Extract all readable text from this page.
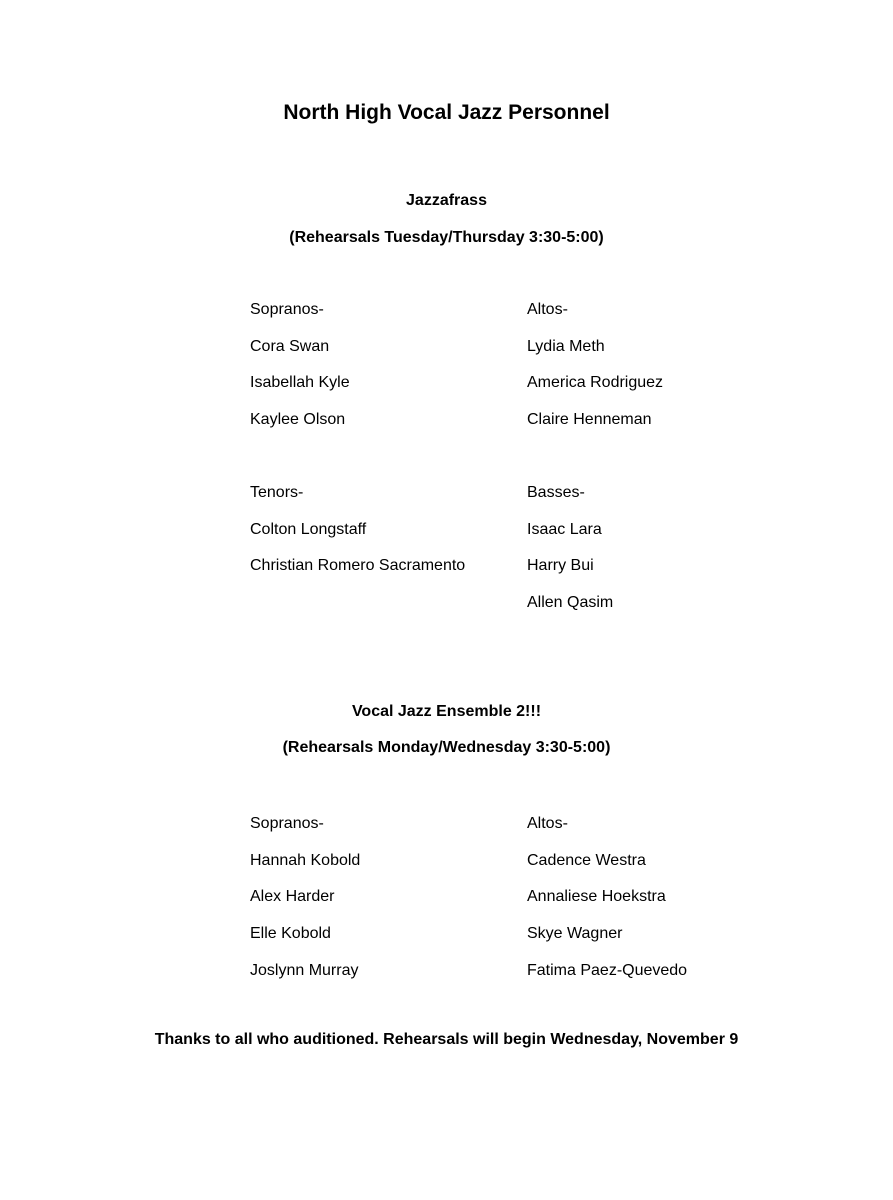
North High Vocal Jazz Personnel
Jazzafrass
(Rehearsals Tuesday/Thursday 3:30-5:00)
Sopranos-
Cora Swan
Isabellah Kyle
Kaylee Olson
Altos-
Lydia Meth
America Rodriguez
Claire Henneman
Tenors-
Colton Longstaff
Christian Romero Sacramento
Basses-
Isaac Lara
Harry Bui
Allen Qasim
Vocal Jazz Ensemble 2!!!
(Rehearsals Monday/Wednesday 3:30-5:00)
Sopranos-
Hannah Kobold
Alex Harder
Elle Kobold
Joslynn Murray
Altos-
Cadence Westra
Annaliese Hoekstra
Skye Wagner
Fatima Paez-Quevedo
Thanks to all who auditioned. Rehearsals will begin Wednesday, November 9
